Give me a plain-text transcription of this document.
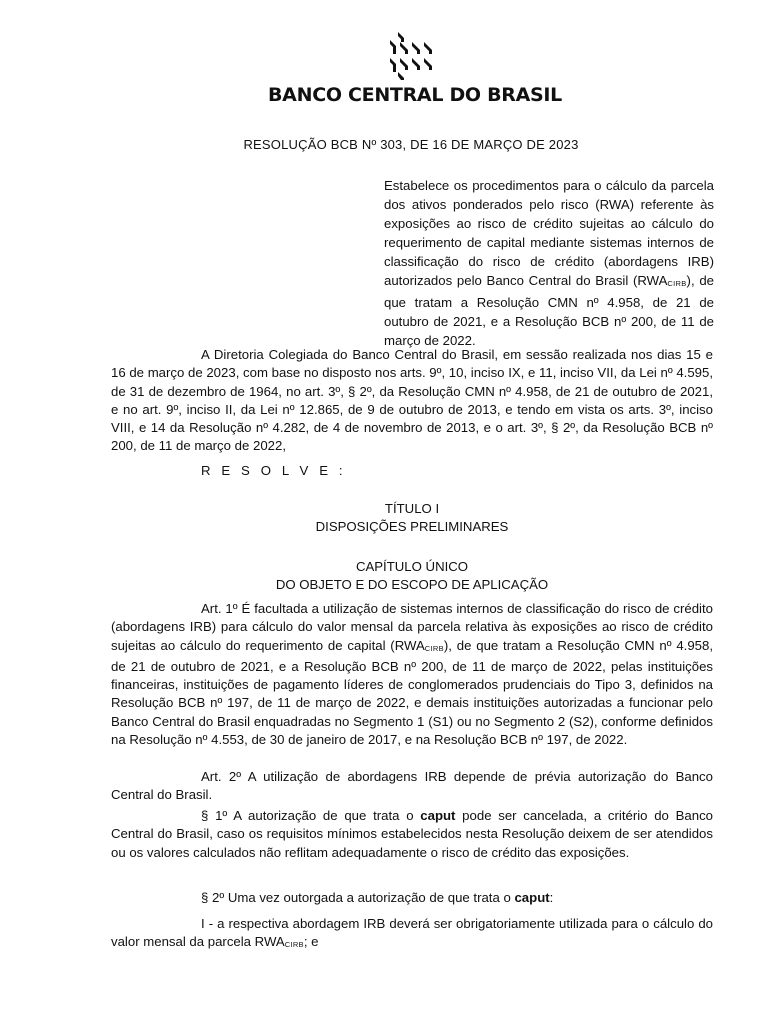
BANCO CENTRAL DO BRASIL
RESOLUÇÃO BCB Nº 303, DE 16 DE MARÇO DE 2023
Estabelece os procedimentos para o cálculo da parcela dos ativos ponderados pelo risco (RWA) referente às exposições ao risco de crédito sujeitas ao cálculo do requerimento de capital mediante sistemas internos de classificação do risco de crédito (abordagens IRB) autorizados pelo Banco Central do Brasil $(RWA_{CIRB})$, de que tratam a Resolução CMN nº 4.958, de 21 de outubro de 2021, e a Resolução BCB nº 200, de 11 de março de 2022.
A Diretoria Colegiada do Banco Central do Brasil, em sessão realizada nos dias 15 e 16 de março de 2023, com base no disposto nos arts. 9º, 10, inciso IX, e 11, inciso VII, da Lei nº 4.595, de 31 de dezembro de 1964, no art. 3º, § 2º, da Resolução CMN nº 4.958, de 21 de outubro de 2021, e no art. 9º, inciso II, da Lei nº 12.865, de 9 de outubro de 2013, e tendo em vista os arts. 3º, inciso VIII, e 14 da Resolução nº 4.282, de 4 de novembro de 2013, e o art. 3º, § 2º, da Resolução BCB nº 200, de 11 de março de 2022,
R E S O L V E :
TÍTULO I
DISPOSIÇÕES PRELIMINARES
CAPÍTULO ÚNICO
DO OBJETO E DO ESCOPO DE APLICAÇÃO
Art. 1º É facultada a utilização de sistemas internos de classificação do risco de crédito (abordagens IRB) para cálculo do valor mensal da parcela relativa às exposições ao risco de crédito sujeitas ao cálculo do requerimento de capital $(RWA_{CIRB})$, de que tratam a Resolução CMN nº 4.958, de 21 de outubro de 2021, e a Resolução BCB nº 200, de 11 de março de 2022, pelas instituições financeiras, instituições de pagamento líderes de conglomerados prudenciais do Tipo 3, definidos na Resolução BCB nº 197, de 11 de março de 2022, e demais instituições autorizadas a funcionar pelo Banco Central do Brasil enquadradas no Segmento 1 (S1) ou no Segmento 2 (S2), conforme definidos na Resolução nº 4.553, de 30 de janeiro de 2017, e na Resolução BCB nº 197, de 2022.
Art. 2º A utilização de abordagens IRB depende de prévia autorização do Banco Central do Brasil.
§ 1º A autorização de que trata o caput pode ser cancelada, a critério do Banco Central do Brasil, caso os requisitos mínimos estabelecidos nesta Resolução deixem de ser atendidos ou os valores calculados não reflitam adequadamente o risco de crédito das exposições.
§ 2º Uma vez outorgada a autorização de que trata o caput:
I - a respectiva abordagem IRB deverá ser obrigatoriamente utilizada para o cálculo do valor mensal da parcela $RWA_{CIRB}$; e
